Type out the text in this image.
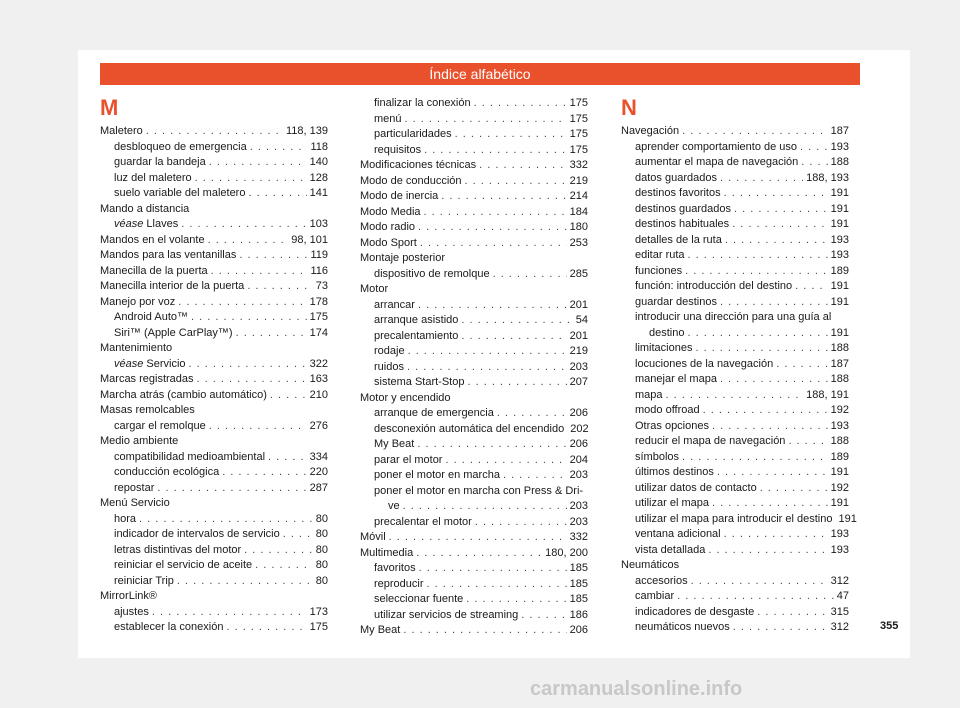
Índice alfabético
M
Maletero . . .	118, 139
desbloqueo de emergencia . . .	118
guardar la bandeja . . .	140
luz del maletero . . .	128
suelo variable del maletero . . .	141
Mando a distancia
véase Llaves . . .	103
Mandos en el volante . . .	98, 101
Mandos para las ventanillas . . .	119
Manecilla de la puerta . . .	116
Manecilla interior de la puerta . . .	73
Manejo por voz . . .	178
Android Auto™ . . .	175
Siri™ (Apple CarPlay™) . . .	174
Mantenimiento
véase Servicio . . .	322
Marcas registradas . . .	163
Marcha atrás (cambio automático) . . .	210
Masas remolcables
cargar el remolque . . .	276
Medio ambiente
compatibilidad medioambiental . . .	334
conducción ecológica . . .	220
repostar . . .	287
Menú Servicio
hora . . .	80
indicador de intervalos de servicio . . .	80
letras distintivas del motor . . .	80
reiniciar el servicio de aceite . . .	80
reiniciar Trip . . .	80
MirrorLink®
ajustes . . .	173
establecer la conexión . . .	175
finalizar la conexión . . .	175
menú . . .	175
particularidades . . .	175
requisitos . . .	175
Modificaciones técnicas . . .	332
Modo de conducción . . .	219
Modo de inercia . . .	214
Modo Media . . .	184
Modo radio . . .	180
Modo Sport . . .	253
Montaje posterior
dispositivo de remolque . . .	285
Motor
arrancar . . .	201
arranque asistido . . .	54
precalentamiento . . .	201
rodaje . . .	219
ruidos . . .	203
sistema Start-Stop . . .	207
Motor y encendido
arranque de emergencia . . .	206
desconexión automática del encendido 202
My Beat . . .	206
parar el motor . . .	204
poner el motor en marcha . . .	203
poner el motor en marcha con Press & Dri-
ve . . .	203
precalentar el motor . . .	203
Móvil . . .	332
Multimedia . . .	180, 200
favoritos . . .	185
reproducir . . .	185
seleccionar fuente . . .	185
utilizar servicios de streaming . . .	186
My Beat . . .	206
N
Navegación . . .	187
aprender comportamiento de uso . . .	193
aumentar el mapa de navegación . . .	188
datos guardados . . .	188, 193
destinos favoritos . . .	191
destinos guardados . . .	191
destinos habituales . . .	191
detalles de la ruta . . .	193
editar ruta . . .	193
funciones . . .	189
función: introducción del destino . . .	191
guardar destinos . . .	191
introducir una dirección para una guía al
destino . . .	191
limitaciones . . .	188
locuciones de la navegación . . .	187
manejar el mapa . . .	188
mapa . . .	188, 191
modo offroad . . .	192
Otras opciones . . .	193
reducir el mapa de navegación . . .	188
símbolos . . .	189
últimos destinos . . .	191
utilizar datos de contacto . . .	192
utilizar el mapa . . .	191
utilizar el mapa para introducir el destino 191
ventana adicional . . .	193
vista detallada . . .	193
Neumáticos
accesorios . . .	312
cambiar . . .	47
indicadores de desgaste . . .	315
neumáticos nuevos . . .	312	355
carmanualsonline.info
